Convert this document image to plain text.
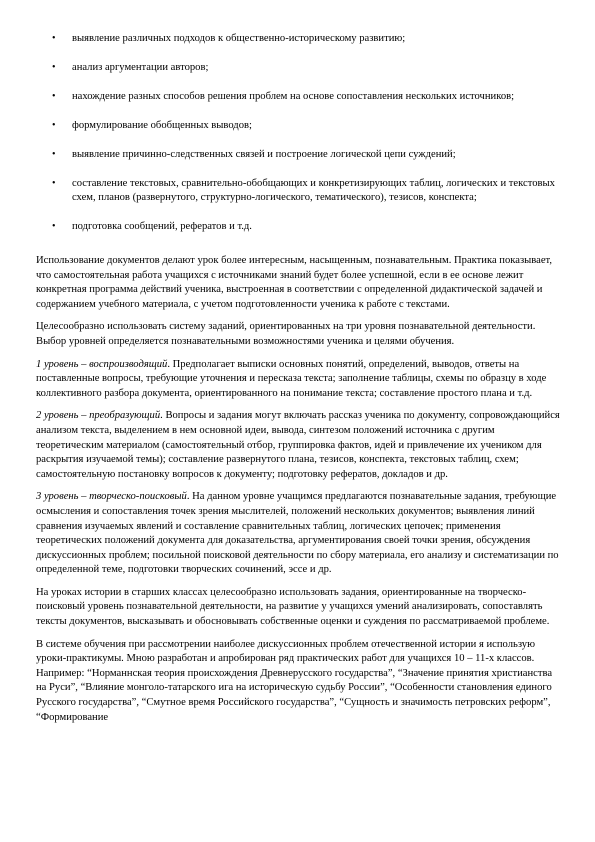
• выявление различных подходов к общественно-историческому развитию;
• анализ аргументации авторов;
• нахождение разных способов решения проблем на основе сопоставления нескольких источников;
• формулирование обобщенных выводов;
• выявление причинно-следственных связей и построение логической цепи суждений;
• составление текстовых, сравнительно-обобщающих и конкретизирующих таблиц, логических и текстовых схем, планов (развернутого, структурно-логического, тематического), тезисов, конспекта;
• подготовка сообщений, рефератов и т.д.

Использование документов делают урок более интересным, насыщенным, познавательным. Практика показывает, что самостоятельная работа учащихся с источниками знаний будет более успешной, если в ее основе лежит конкретная программа действий ученика, выстроенная в соответствии с определенной дидактической задачей и содержанием учебного материала, с учетом подготовленности ученика к работе с текстами.

Целесообразно использовать систему заданий, ориентированных на три уровня познавательной деятельности. Выбор уровней определяется познавательными возможностями ученика и целями обучения.

1 уровень – воспроизводящий. Предполагает выписки основных понятий, определений, выводов, ответы на поставленные вопросы, требующие уточнения и пересказа текста; заполнение таблицы, схемы по образцу в ходе коллективного разбора документа, ориентированного на понимание текста; составление простого плана и т.д.

2 уровень – преобразующий. Вопросы и задания могут включать рассказ ученика по документу, сопровождающийся анализом текста, выделением в нем основной идеи, вывода, синтезом положений источника с другим теоретическим материалом (самостоятельный отбор, группировка фактов, идей и привлечение их учеником для раскрытия изучаемой темы); составление развернутого плана, тезисов, конспекта, текстовых таблиц, схем; самостоятельную постановку вопросов к документу; подготовку рефератов, докладов и др.

3 уровень – творческо-поисковый. На данном уровне учащимся предлагаются познавательные задания, требующие осмысления и сопоставления точек зрения мыслителей, положений нескольких документов; выявления линий сравнения изучаемых явлений и составление сравнительных таблиц, логических цепочек; применения теоретических положений документа для доказательства, аргументирования своей точки зрения, обсуждения дискуссионных проблем; посильной поисковой деятельности по сбору материала, его анализу и систематизации по определенной теме, подготовки творческих сочинений, эссе и др.

На уроках истории в старших классах целесообразно использовать задания, ориентированные на творческо-поисковый уровень познавательной деятельности, на развитие у учащихся умений анализировать, сопоставлять тексты документов, высказывать и обосновывать собственные оценки и суждения по рассматриваемой проблеме.

В системе обучения при рассмотрении наиболее дискуссионных проблем отечественной истории я использую уроки-практикумы. Мною разработан и апробирован ряд практических работ для учащихся 10 – 11-х классов. Например: “Норманнская теория происхождения Древнерусского государства”, “Значение принятия христианства на Руси”, “Влияние монголо-татарского ига на историческую судьбу России”, “Особенности становления единого Русского государства”, “Смутное время Российского государства”, “Сущность и значимость петровских реформ”, “Формирование
